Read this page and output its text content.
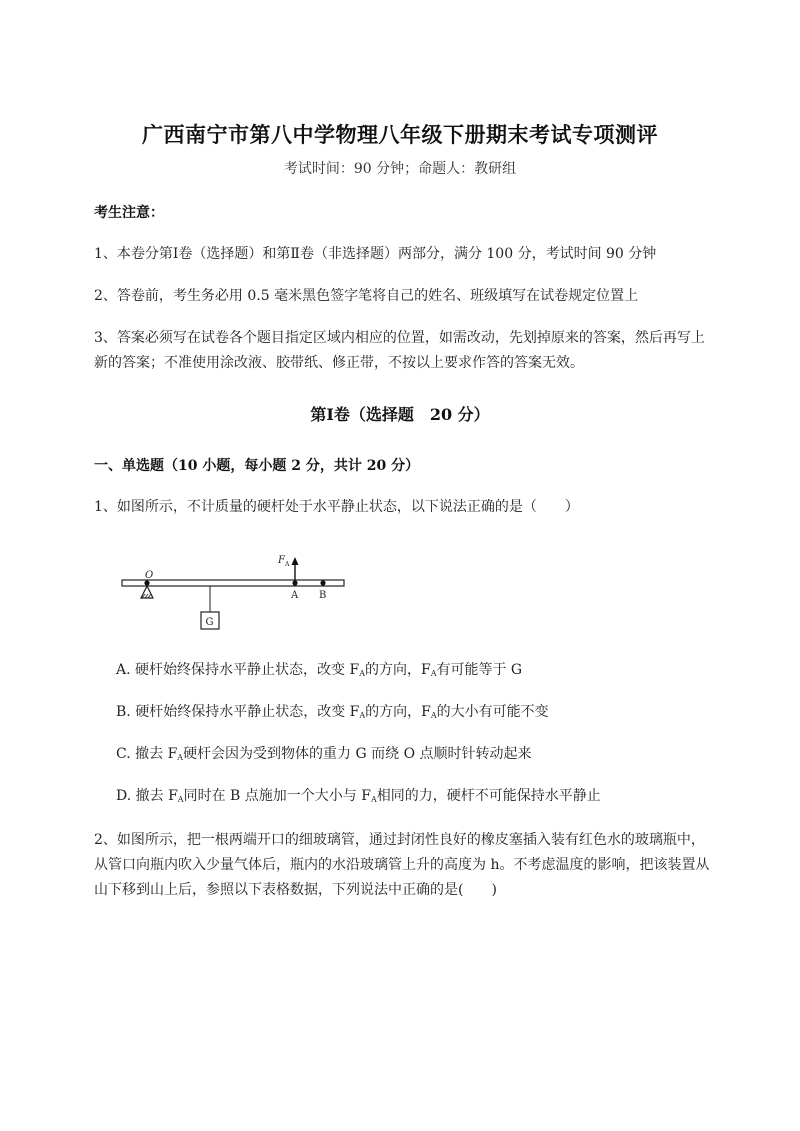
广西南宁市第八中学物理八年级下册期末考试专项测评
考试时间：90 分钟；命题人：教研组
考生注意：
1、本卷分第Ⅰ卷（选择题）和第Ⅱ卷（非选择题）两部分，满分 100 分，考试时间 90 分钟
2、答卷前，考生务必用 0.5 毫米黑色签字笔将自己的姓名、班级填写在试卷规定位置上
3、答案必须写在试卷各个题目指定区域内相应的位置，如需改动，先划掉原来的答案，然后再写上新的答案；不准使用涂改液、胶带纸、修正带，不按以上要求作答的答案无效。
第Ⅰ卷（选择题　20 分）
一、单选题（10 小题，每小题 2 分，共计 20 分）
1、如图所示，不计质量的硬杆处于水平静止状态，以下说法正确的是（　　）
O
G
$F_A$
A B
A. 硬杆始终保持水平静止状态，改变 $F_A$的方向，$F_A$有可能等于 G
B. 硬杆始终保持水平静止状态，改变 $F_A$的方向，$F_A$的大小有可能不变
C. 撤去 $F_A$硬杆会因为受到物体的重力 G 而绕 O 点顺时针转动起来
D. 撤去 $F_A$同时在 B 点施加一个大小与 $F_A$相同的力，硬杆不可能保持水平静止
2、如图所示，把一根两端开口的细玻璃管，通过封闭性良好的橡皮塞插入装有红色水的玻璃瓶中，从管口向瓶内吹入少量气体后，瓶内的水沿玻璃管上升的高度为 h。不考虑温度的影响，把该装置从山下移到山上后，参照以下表格数据，下列说法中正确的是(　　)
